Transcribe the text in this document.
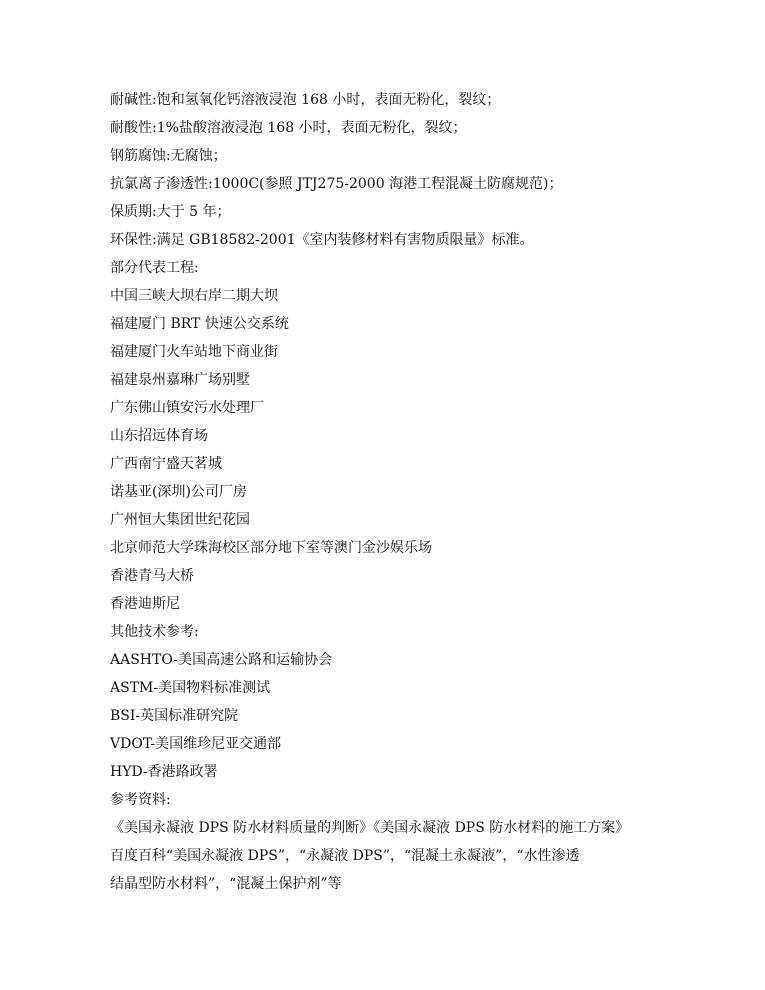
耐碱性:饱和氢氧化钙溶液浸泡 168 小时，表面无粉化，裂纹；
耐酸性:1%盐酸溶液浸泡 168 小时，表面无粉化，裂纹；
钢筋腐蚀:无腐蚀；
抗氯离子渗透性:1000C(参照 JTJ275-2000 海港工程混凝土防腐规范)；
保质期:大于 5 年；
环保性:满足 GB18582-2001《室内装修材料有害物质限量》标准。
部分代表工程:
中国三峡大坝右岸二期大坝
福建厦门 BRT 快速公交系统
福建厦门火车站地下商业街
福建泉州嘉琳广场别墅
广东佛山镇安污水处理厂
山东招远体育场
广西南宁盛天茗城
诺基亚(深圳)公司厂房
广州恒大集团世纪花园
北京师范大学珠海校区部分地下室等澳门金沙娱乐场
香港青马大桥
香港迪斯尼
其他技术参考:
AASHTO-美国高速公路和运输协会
ASTM-美国物料标准测试
BSI-英国标准研究院
VDOT-美国维珍尼亚交通部
HYD-香港路政署
参考资料:
《美国永凝液 DPS 防水材料质量的判断》《美国永凝液 DPS 防水材料的施工方案》
百度百科“美国永凝液 DPS”，“永凝液 DPS”，“混凝土永凝液”，“水性渗透
结晶型防水材料”，“混凝土保护剂”等
